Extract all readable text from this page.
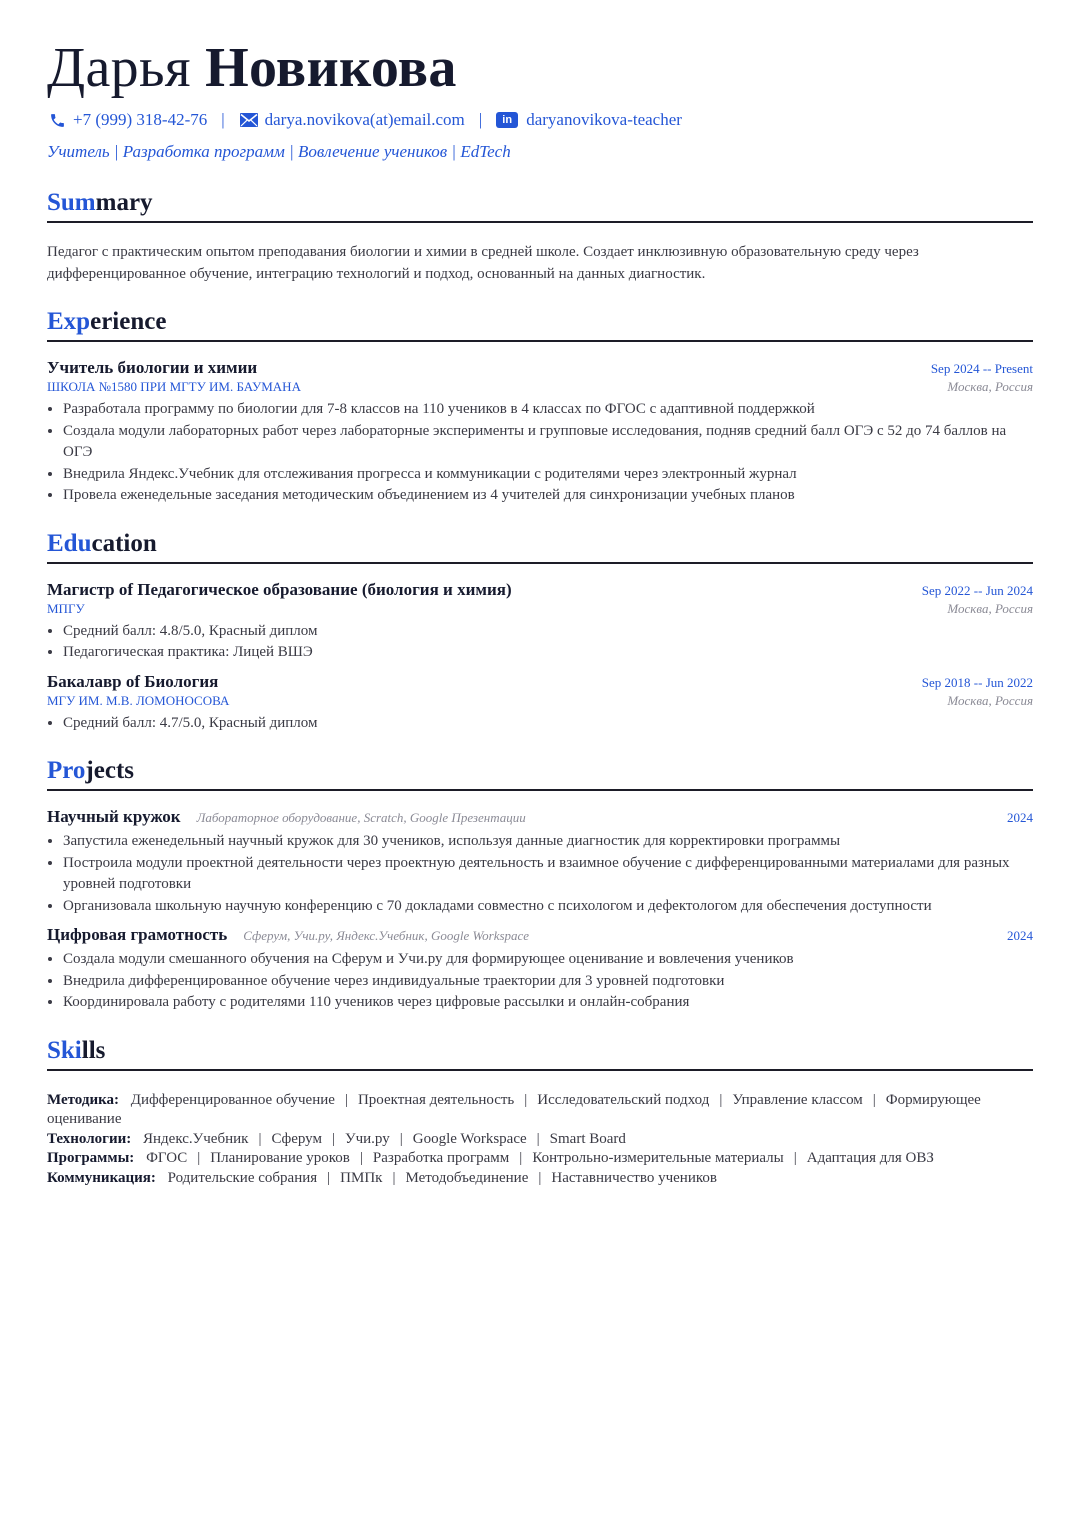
Дарья Новикова
+7 (999) 318-42-76 | darya.novikova(at)email.com |	in daryanovikova-teacher
Учитель | Разработка программ | Вовлечение учеников | EdTech
Summary
Педагог с практическим опытом преподавания биологии и химии в средней школе. Создает инклюзивную образовательную среду через дифференцированное обучение, интеграцию технологий и подход, основанный на данных диагностик.
Experience
Учитель биологии и химии	Sep 2024 -- Present
ШКОЛА №1580 ПРИ МГТУ ИМ. БАУМАНА	Москва, Россия
• Разработала программу по биологии для 7-8 классов на 110 учеников в 4 классах по ФГОС с адаптивной поддержкой
• Создала модули лабораторных работ через лабораторные эксперименты и групповые исследования, подняв средний балл ОГЭ с 52 до 74 баллов на ОГЭ
• Внедрила Яндекс.Учебник для отслеживания прогресса и коммуникации с родителями через электронный журнал
• Провела еженедельные заседания методическим объединением из 4 учителей для синхронизации учебных планов
Education
Магистр of Педагогическое образование (биология и химия)	Sep 2022 -- Jun 2024
МПГУ	Москва, Россия
• Средний балл: 4.8/5.0, Красный диплом
• Педагогическая практика: Лицей ВШЭ
Бакалавр of Биология	Sep 2018 -- Jun 2022
МГУ ИМ. М.В. ЛОМОНОСОВА	Москва, Россия
• Средний балл: 4.7/5.0, Красный диплом
Projects
Научный кружок Лабораторное оборудование, Scratch, Google Презентации	2024
• Запустила еженедельный научный кружок для 30 учеников, используя данные диагностик для корректировки программы
• Построила модули проектной деятельности через проектную деятельность и взаимное обучение с дифференцированными материалами для разных уровней подготовки
• Организовала школьную научную конференцию с 70 докладами совместно с психологом и дефектологом для обеспечения доступности
Цифровая грамотность Сферум, Учи.ру, Яндекс.Учебник, Google Workspace	2024
• Создала модули смешанного обучения на Сферум и Учи.ру для формирующее оценивание и вовлечения учеников
• Внедрила дифференцированное обучение через индивидуальные траектории для 3 уровней подготовки
• Координировала работу с родителями 110 учеников через цифровые рассылки и онлайн-собрания
Skills
Методика: Дифференцированное обучение | Проектная деятельность | Исследовательский подход | Управление классом | Формирующее оценивание
Технологии: Яндекс.Учебник | Сферум | Учи.ру | Google Workspace | Smart Board
Программы: ФГОС | Планирование уроков | Разработка программ | Контрольно-измерительные материалы | Адаптация для ОВЗ
Коммуникация: Родительские собрания | ПМПк | Методобъединение | Наставничество учеников
